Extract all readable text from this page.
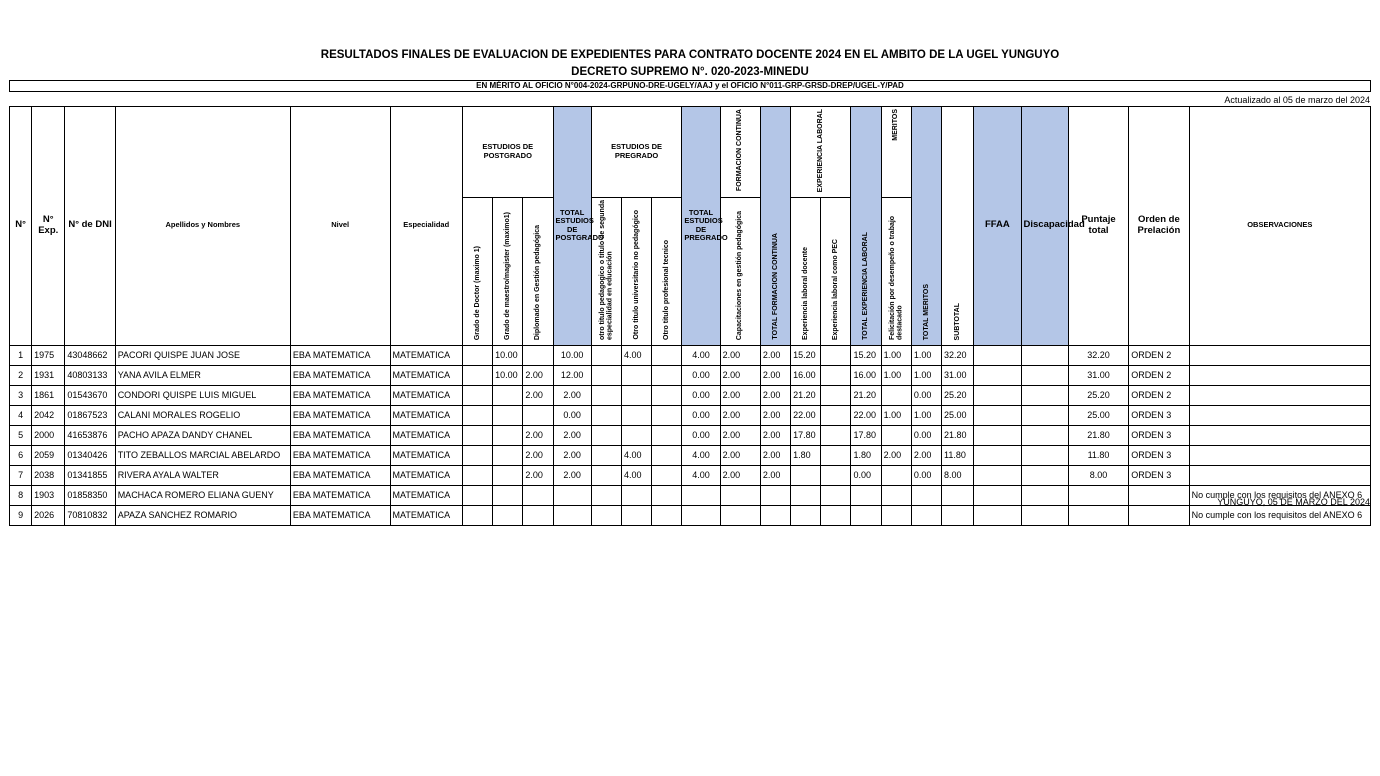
RESULTADOS FINALES DE EVALUACION DE EXPEDIENTES PARA CONTRATO DOCENTE 2024 EN EL AMBITO DE LA UGEL YUNGUYO
DECRETO SUPREMO N°. 020-2023-MINEDU
EN MÉRITO AL OFICIO N°004-2024-GRPUNO-DRE-UGELY/AAJ y el OFICIO N°011-GRP-GRSD-DREP/UGEL-Y/PAD
Actualizado al 05 de marzo del 2024
N°	N° Exp.	N° de DNI	Apellidos y Nombres	Nivel	Especialidad	ESTUDIOS DE POSTGRADO			TOTAL ESTUDIOS DE POSTGRADO	ESTUDIOS DE PREGRADO			TOTAL ESTUDIOS DE PREGRADO	FORMACION CONTINUA	TOTAL FORMACION CONTINUA	EXPERIENCIA LABORAL		TOTAL EXPERIENCIA LABORAL	MERITOS	TOTAL MERITOS	SUBTOTAL	FFAA	Discapacidad	Puntaje total	Orden de Prelación	OBSERVACIONES
						Grado de Doctor (maximo 1)	Grado de maestro/magister (maximo1)	Diplomado en Gestión pedagógica		otro titulo pedagogico o titulo de segunda especialidad en educación	Otro titulo universitario no pedagógico	Otro titulo profesional tecnico		Capacitaciones en gestión pedagógica		Experiencia laboral docente	Experiencia laboral como PEC		Felicitación por desempeño o trabajo destacado							
1	1975	43048662	PACORI QUISPE JUAN JOSE	EBA MATEMATICA	MATEMATICA		10.00		10.00		4.00		4.00	2.00	2.00	15.20		15.20	1.00	1.00	32.20			32.20	ORDEN 2	
2	1931	40803133	YANA AVILA ELMER	EBA MATEMATICA	MATEMATICA		10.00	2.00	12.00				0.00	2.00	2.00	16.00		16.00	1.00	1.00	31.00			31.00	ORDEN 2	
3	1861	01543670	CONDORI QUISPE LUIS MIGUEL	EBA MATEMATICA	MATEMATICA			2.00	2.00				0.00	2.00	2.00	21.20		21.20		0.00	25.20			25.20	ORDEN 2	
4	2042	01867523	CALANI MORALES ROGELIO	EBA MATEMATICA	MATEMATICA				0.00				0.00	2.00	2.00	22.00		22.00	1.00	1.00	25.00			25.00	ORDEN 3	
5	2000	41653876	PACHO APAZA DANDY CHANEL	EBA MATEMATICA	MATEMATICA			2.00	2.00				0.00	2.00	2.00	17.80		17.80		0.00	21.80			21.80	ORDEN 3	
6	2059	01340426	TITO ZEBALLOS MARCIAL ABELARDO	EBA MATEMATICA	MATEMATICA			2.00	2.00		4.00		4.00	2.00	2.00	1.80		1.80	2.00	2.00	11.80			11.80	ORDEN 3	
7	2038	01341855	RIVERA AYALA WALTER	EBA MATEMATICA	MATEMATICA			2.00	2.00		4.00		4.00	2.00	2.00			0.00		0.00	8.00			8.00	ORDEN 3	
8	1903	01858350	MACHACA ROMERO ELIANA GUENY	EBA MATEMATICA	MATEMATICA																					No cumple con los requisitos del ANEXO 6
9	2026	70810832	APAZA SANCHEZ ROMARIO	EBA MATEMATICA	MATEMATICA																					No cumple con los requisitos del ANEXO 6
YUNGUYO, 05 DE MARZO DEL 2024
